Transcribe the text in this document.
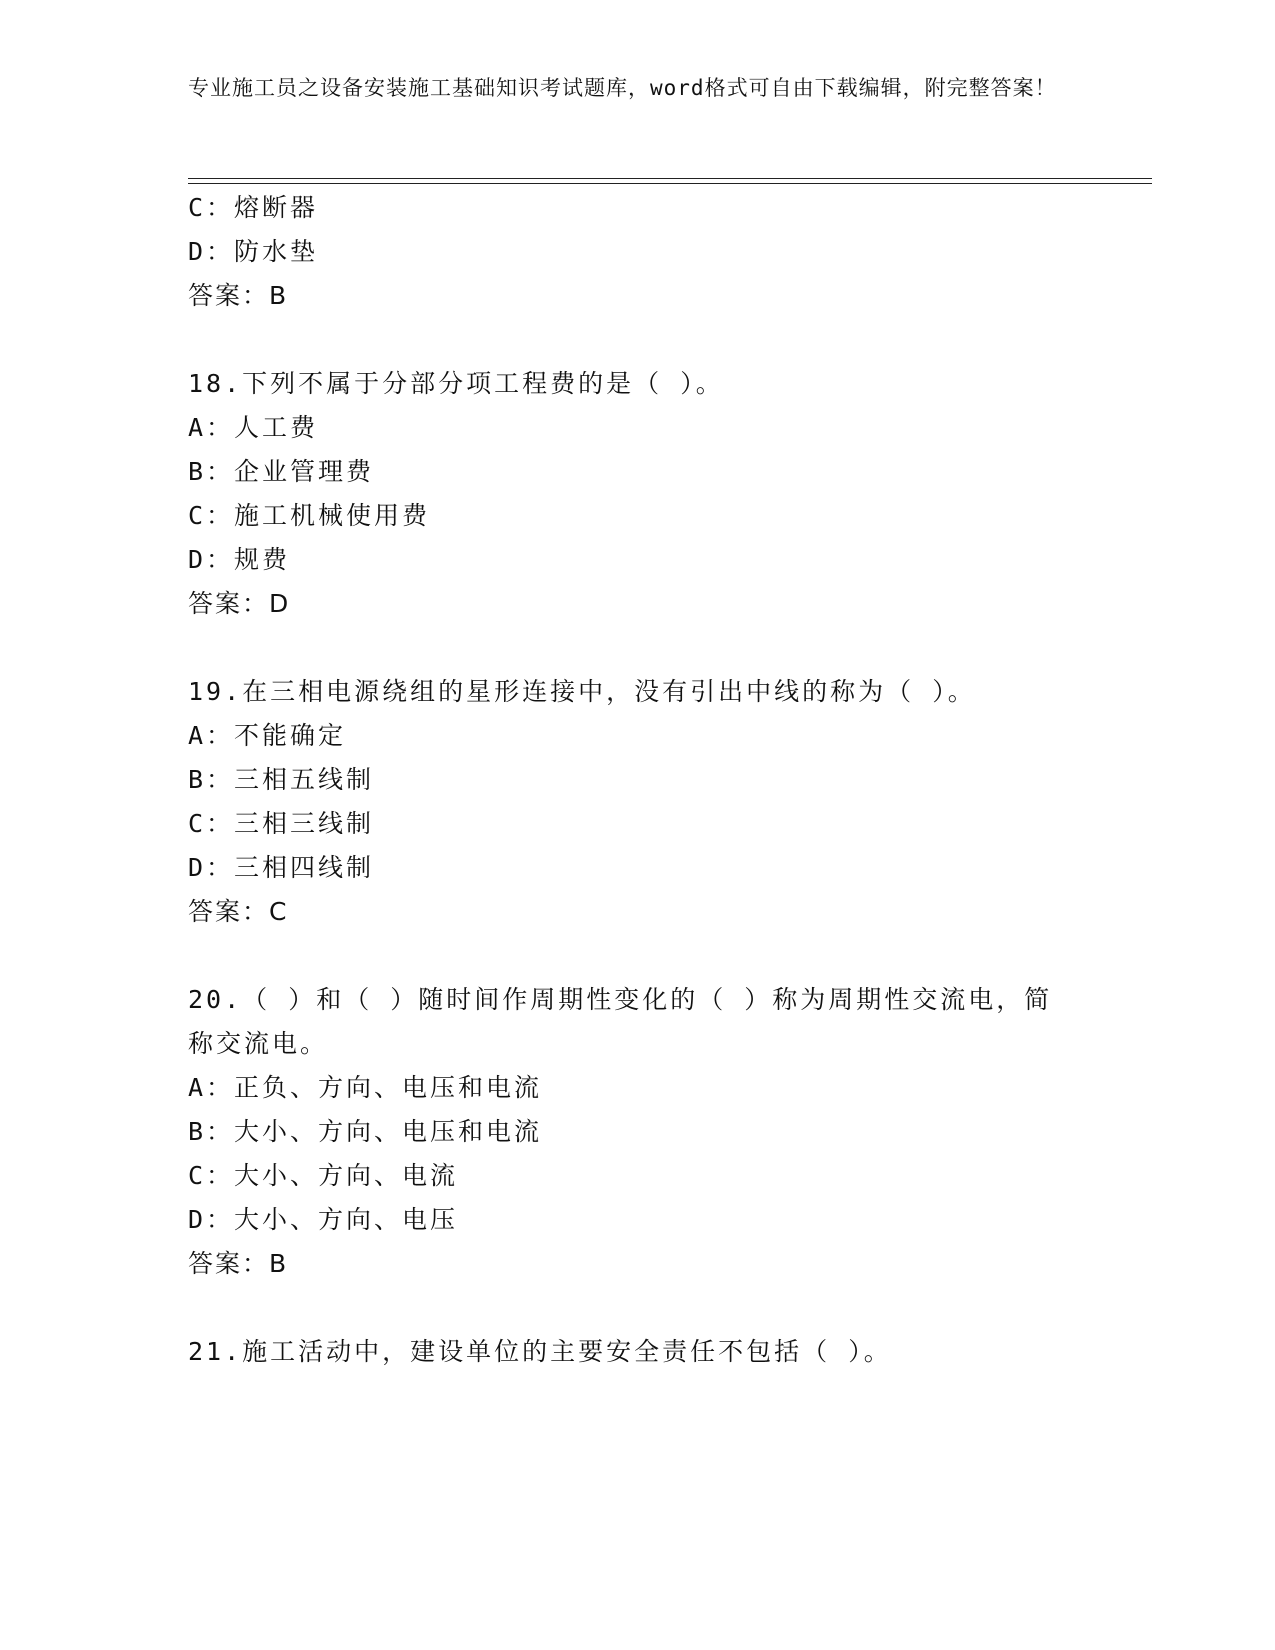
专业施工员之设备安装施工基础知识考试题库，word格式可自由下载编辑，附完整答案！
C：熔断器
D：防水垫
答案：B
18.下列不属于分部分项工程费的是（ ）。
A：人工费
B：企业管理费
C：施工机械使用费
D：规费
答案：D
19.在三相电源绕组的星形连接中，没有引出中线的称为（ ）。
A：不能确定
B：三相五线制
C：三相三线制
D：三相四线制
答案：C
20.（ ）和（ ）随时间作周期性变化的（ ）称为周期性交流电，简
称交流电。
A：正负、方向、电压和电流
B：大小、方向、电压和电流
C：大小、方向、电流
D：大小、方向、电压
答案：B
21.施工活动中，建设单位的主要安全责任不包括（ ）。
